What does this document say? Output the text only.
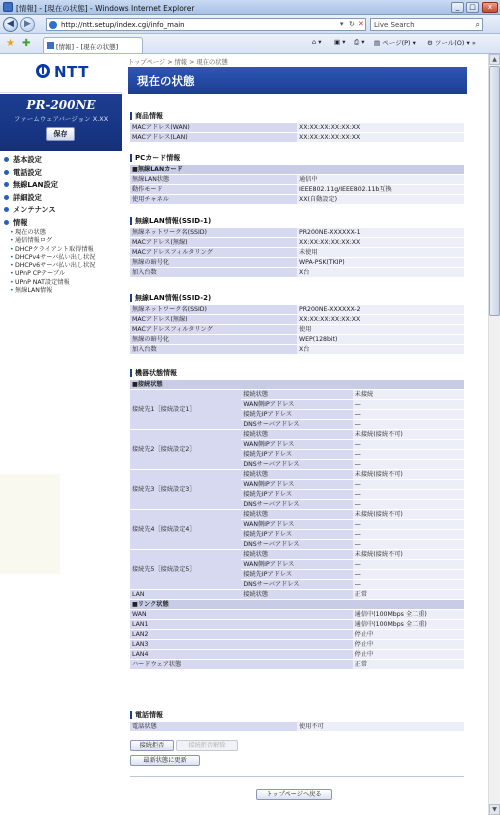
[情報] - [現在の状態] - Windows Internet Explorer	_	□	x
◀	▶	http://ntt.setup/index.cgi/info_main	▾ ↻ ✕ Live Search	⌕
★ ✚	[情報] - [現在の状態]
⌂ ▾ ▣ ▾ ⎙ ▾ ▤ ページ(P) ▾ ⚙ ツール(O) ▾ »
NTT
PR-200NE
ファームウェアバージョン X.XX
保存
基本設定
電話設定
無線LAN設定
詳細設定
メンテナンス
情報
• 現在の状態
• 通信情報ログ
• DHCPクライアント取得情報
• DHCPv4サーバ払い出し状況
• DHCPv6サーバ払い出し状況
• UPnP CPテーブル
• UPnP NAT設定情報
• 無線LAN情報
トップページ > 情報 > 現在の状態
現在の状態
商品情報
MACアドレス(WAN)	XX:XX:XX:XX:XX:XX
MACアドレス(LAN)	XX:XX:XX:XX:XX:XX
PCカード情報
■無線LANカード	
無線LAN状態	通信中
動作モード	IEEE802.11g/IEEE802.11b互換
使用チャネル	XX(自動設定)
無線LAN情報(SSID-1)
無線ネットワーク名(SSID)	PR200NE-XXXXXX-1
MACアドレス(無線)	XX:XX:XX:XX:XX:XX
MACアドレスフィルタリング	未使用
無線の暗号化	WPA-PSK(TKIP)
加入台数	X台
無線LAN情報(SSID-2)
無線ネットワーク名(SSID)	PR200NE-XXXXXX-2
MACアドレス(無線)	XX:XX:XX:XX:XX:XX
MACアドレスフィルタリング	使用
無線の暗号化	WEP(128bit)
加入台数	X台
機器状態情報
■接続状態		
接続先1［接続設定1］	接続状態	未接続
	WAN側IPアドレス	—
	接続先IPアドレス	—
	DNSサーバアドレス	—
接続先2［接続設定2］	接続状態	未接続(接続不可)
	WAN側IPアドレス	—
	接続先IPアドレス	—
	DNSサーバアドレス	—
接続先3［接続設定3］	接続状態	未接続(接続不可)
	WAN側IPアドレス	—
	接続先IPアドレス	—
	DNSサーバアドレス	—
接続先4［接続設定4］	接続状態	未接続(接続不可)
	WAN側IPアドレス	—
	接続先IPアドレス	—
	DNSサーバアドレス	—
接続先5［接続設定5］	接続状態	未接続(接続不可)
	WAN側IPアドレス	—
	接続先IPアドレス	—
	DNSサーバアドレス	—
LAN	接続状態	正常
■リンク状態		
WAN		通信中(100Mbps 全二重)
LAN1		通信中(100Mbps 全二重)
LAN2		停止中
LAN3		停止中
LAN4		停止中
ハードウェア状態		正常
電話情報
電話状態	使用不可
接続拒否	接続拒否解除
最新状態に更新
トップページへ戻る
▲
▼
